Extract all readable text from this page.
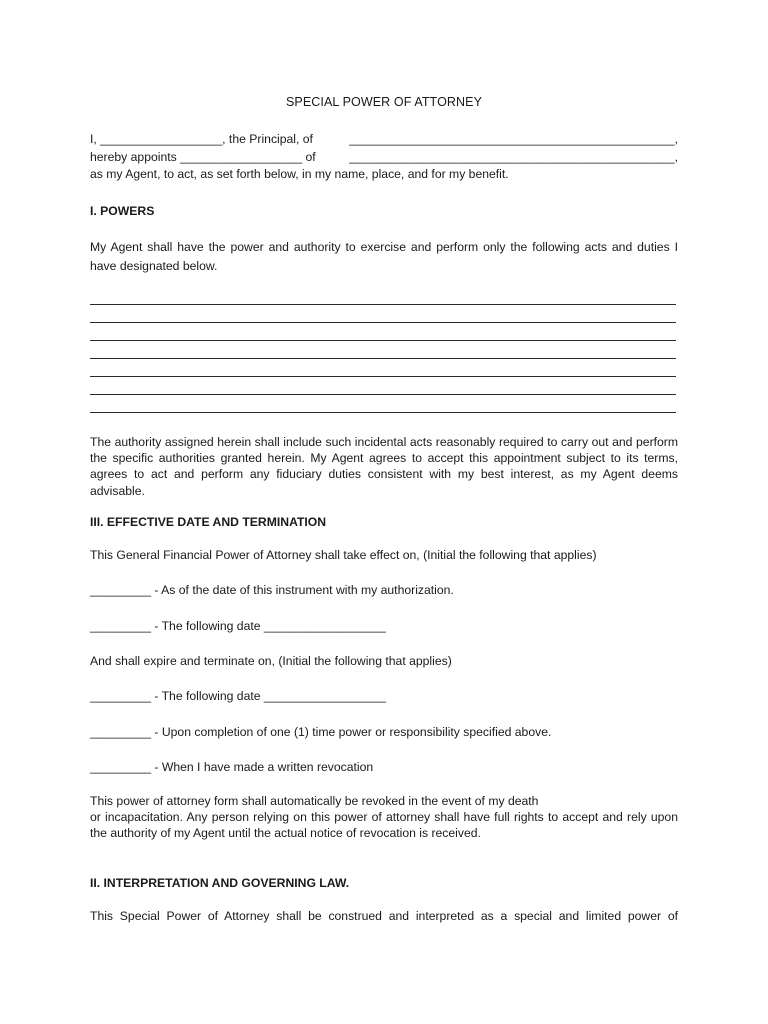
SPECIAL POWER OF ATTORNEY
I, __________________, the Principal, of	________________________________________________,
hereby appoints __________________ of	________________________________________________,
as my Agent, to act, as set forth below, in my name, place, and for my benefit.
I. POWERS
My Agent shall have the power and authority to exercise and perform only the following acts and duties I have designated below.
The authority assigned herein shall include such incidental acts reasonably required to carry out and perform the specific authorities granted herein. My Agent agrees to accept this appointment subject to its terms, agrees to act and perform any fiduciary duties consistent with my best interest, as my Agent deems advisable.
III. EFFECTIVE DATE AND TERMINATION
This General Financial Power of Attorney shall take effect on, (Initial the following that applies)
_________ - As of the date of this instrument with my authorization.
_________ - The following date __________________
And shall expire and terminate on, (Initial the following that applies)
_________ - The following date __________________
_________ - Upon completion of one (1) time power or responsibility specified above.
_________ - When I have made a written revocation
This power of attorney form shall automatically be revoked in the event of my death
or incapacitation. Any person relying on this power of attorney shall have full rights to accept and rely upon the authority of my Agent until the actual notice of revocation is received.
II. INTERPRETATION AND GOVERNING LAW.
This Special Power of Attorney shall be construed and interpreted as a special and limited power of
